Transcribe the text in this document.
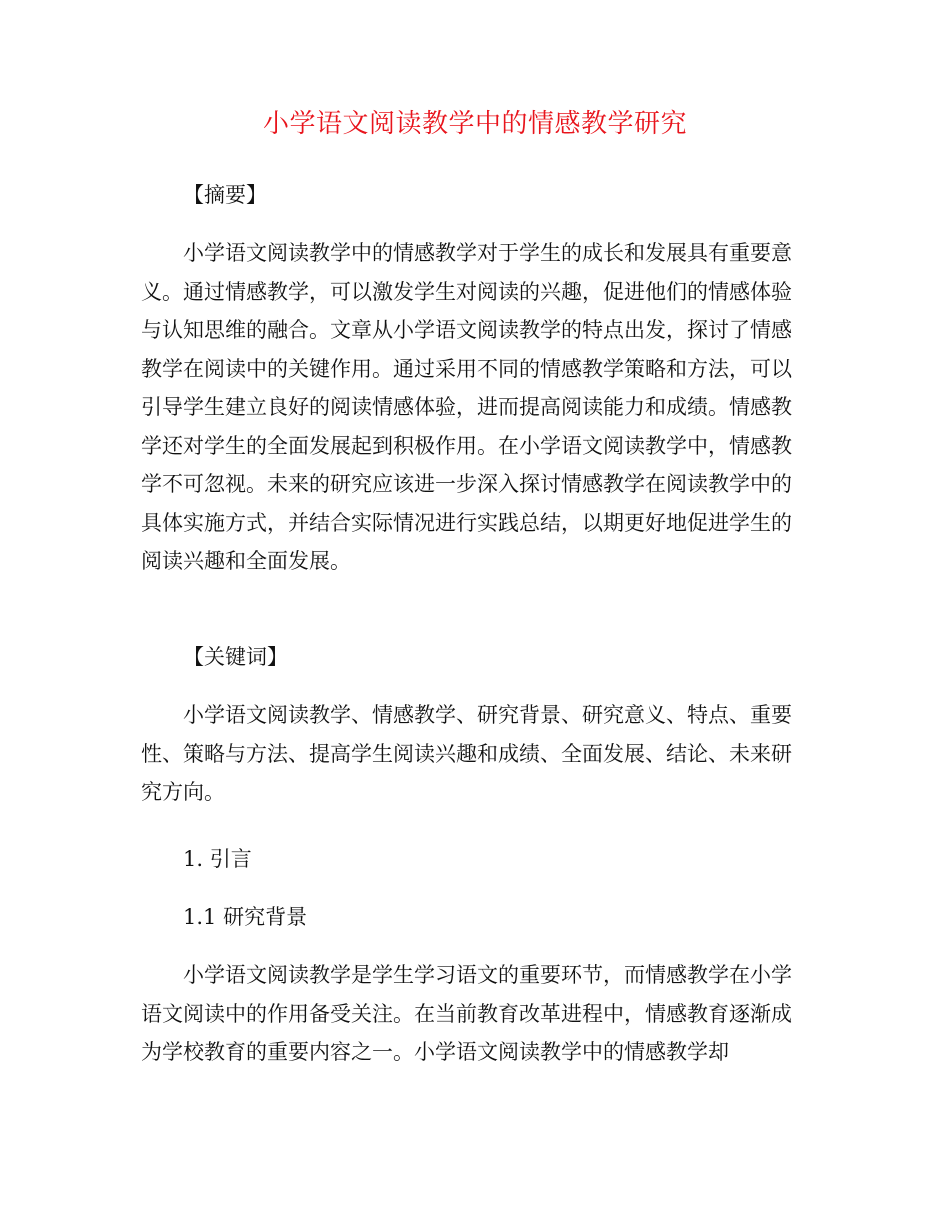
小学语文阅读教学中的情感教学研究

【摘要】

小学语文阅读教学中的情感教学对于学生的成长和发展具有重要意义。通过情感教学，可以激发学生对阅读的兴趣，促进他们的情感体验与认知思维的融合。文章从小学语文阅读教学的特点出发，探讨了情感教学在阅读中的关键作用。通过采用不同的情感教学策略和方法，可以引导学生建立良好的阅读情感体验，进而提高阅读能力和成绩。情感教学还对学生的全面发展起到积极作用。在小学语文阅读教学中，情感教学不可忽视。未来的研究应该进一步深入探讨情感教学在阅读教学中的具体实施方式，并结合实际情况进行实践总结，以期更好地促进学生的阅读兴趣和全面发展。

【关键词】

小学语文阅读教学、情感教学、研究背景、研究意义、特点、重要性、策略与方法、提高学生阅读兴趣和成绩、全面发展、结论、未来研究方向。

1. 引言

1.1 研究背景

小学语文阅读教学是学生学习语文的重要环节，而情感教学在小学语文阅读中的作用备受关注。在当前教育改革进程中，情感教育逐渐成为学校教育的重要内容之一。小学语文阅读教学中的情感教学却
